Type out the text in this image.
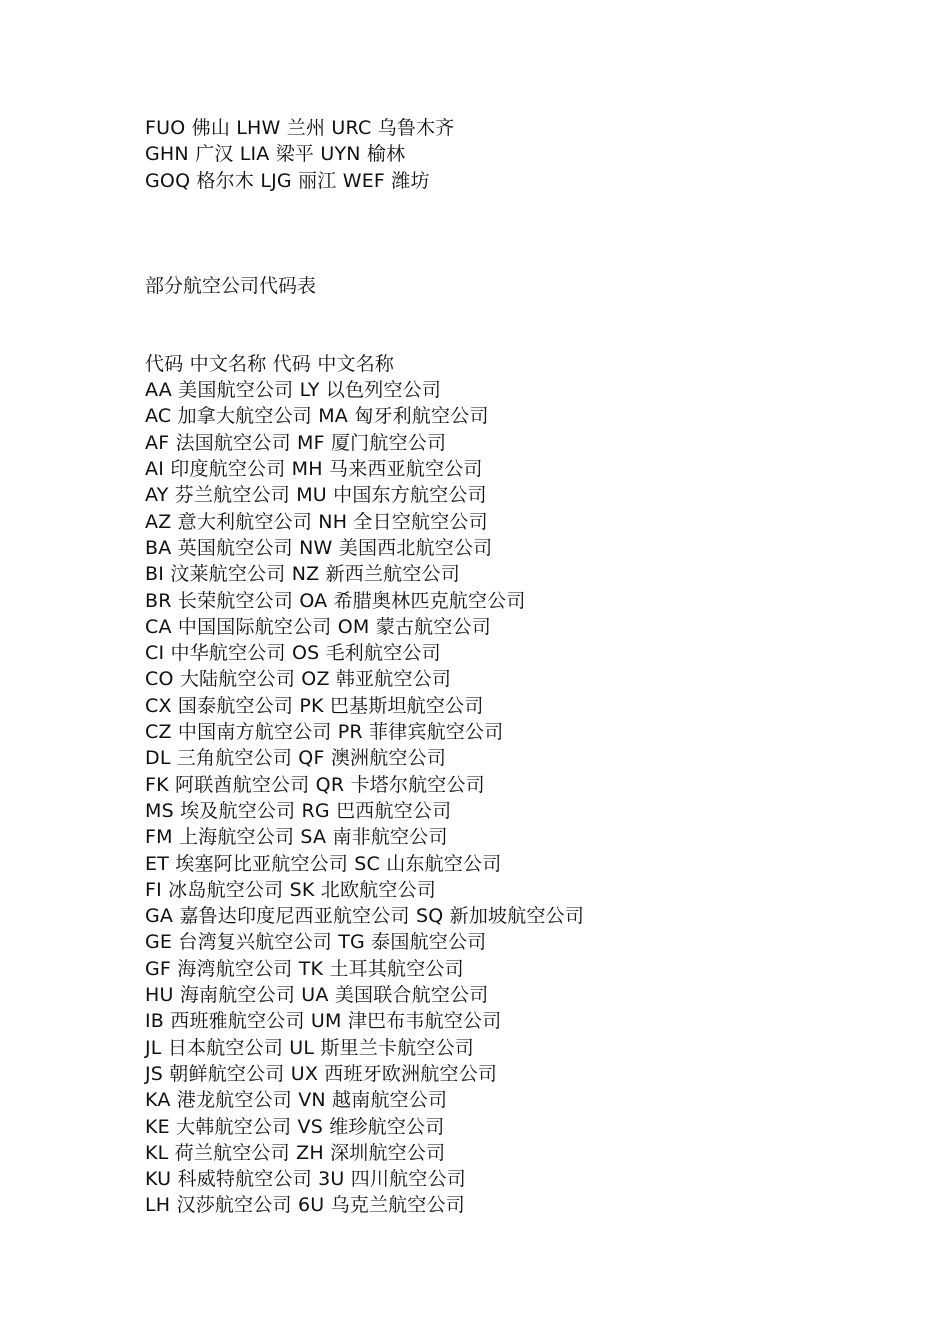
FUO 佛山 LHW 兰州 URC 乌鲁木齐
GHN 广汉 LIA 梁平 UYN 榆林
GOQ 格尔木 LJG 丽江 WEF 潍坊
部分航空公司代码表
代码 中文名称 代码 中文名称
AA 美国航空公司 LY 以色列空公司
AC 加拿大航空公司 MA 匈牙利航空公司
AF 法国航空公司 MF 厦门航空公司
AI 印度航空公司 MH 马来西亚航空公司
AY 芬兰航空公司 MU 中国东方航空公司
AZ 意大利航空公司 NH 全日空航空公司
BA 英国航空公司 NW 美国西北航空公司
BI 汶莱航空公司 NZ 新西兰航空公司
BR 长荣航空公司 OA 希腊奥林匹克航空公司
CA 中国国际航空公司 OM 蒙古航空公司
CI 中华航空公司 OS 毛利航空公司
CO 大陆航空公司 OZ 韩亚航空公司
CX 国泰航空公司 PK 巴基斯坦航空公司
CZ 中国南方航空公司 PR 菲律宾航空公司
DL 三角航空公司 QF 澳洲航空公司
FK 阿联酋航空公司 QR 卡塔尔航空公司
MS 埃及航空公司 RG 巴西航空公司
FM 上海航空公司 SA 南非航空公司
ET 埃塞阿比亚航空公司 SC 山东航空公司
FI 冰岛航空公司 SK 北欧航空公司
GA 嘉鲁达印度尼西亚航空公司 SQ 新加坡航空公司
GE 台湾复兴航空公司 TG 泰国航空公司
GF 海湾航空公司 TK 土耳其航空公司
HU 海南航空公司 UA 美国联合航空公司
IB 西班雅航空公司 UM 津巴布韦航空公司
JL 日本航空公司 UL 斯里兰卡航空公司
JS 朝鲜航空公司 UX 西班牙欧洲航空公司
KA 港龙航空公司 VN 越南航空公司
KE 大韩航空公司 VS 维珍航空公司
KL 荷兰航空公司 ZH 深圳航空公司
KU 科威特航空公司 3U 四川航空公司
LH 汉莎航空公司 6U 乌克兰航空公司
